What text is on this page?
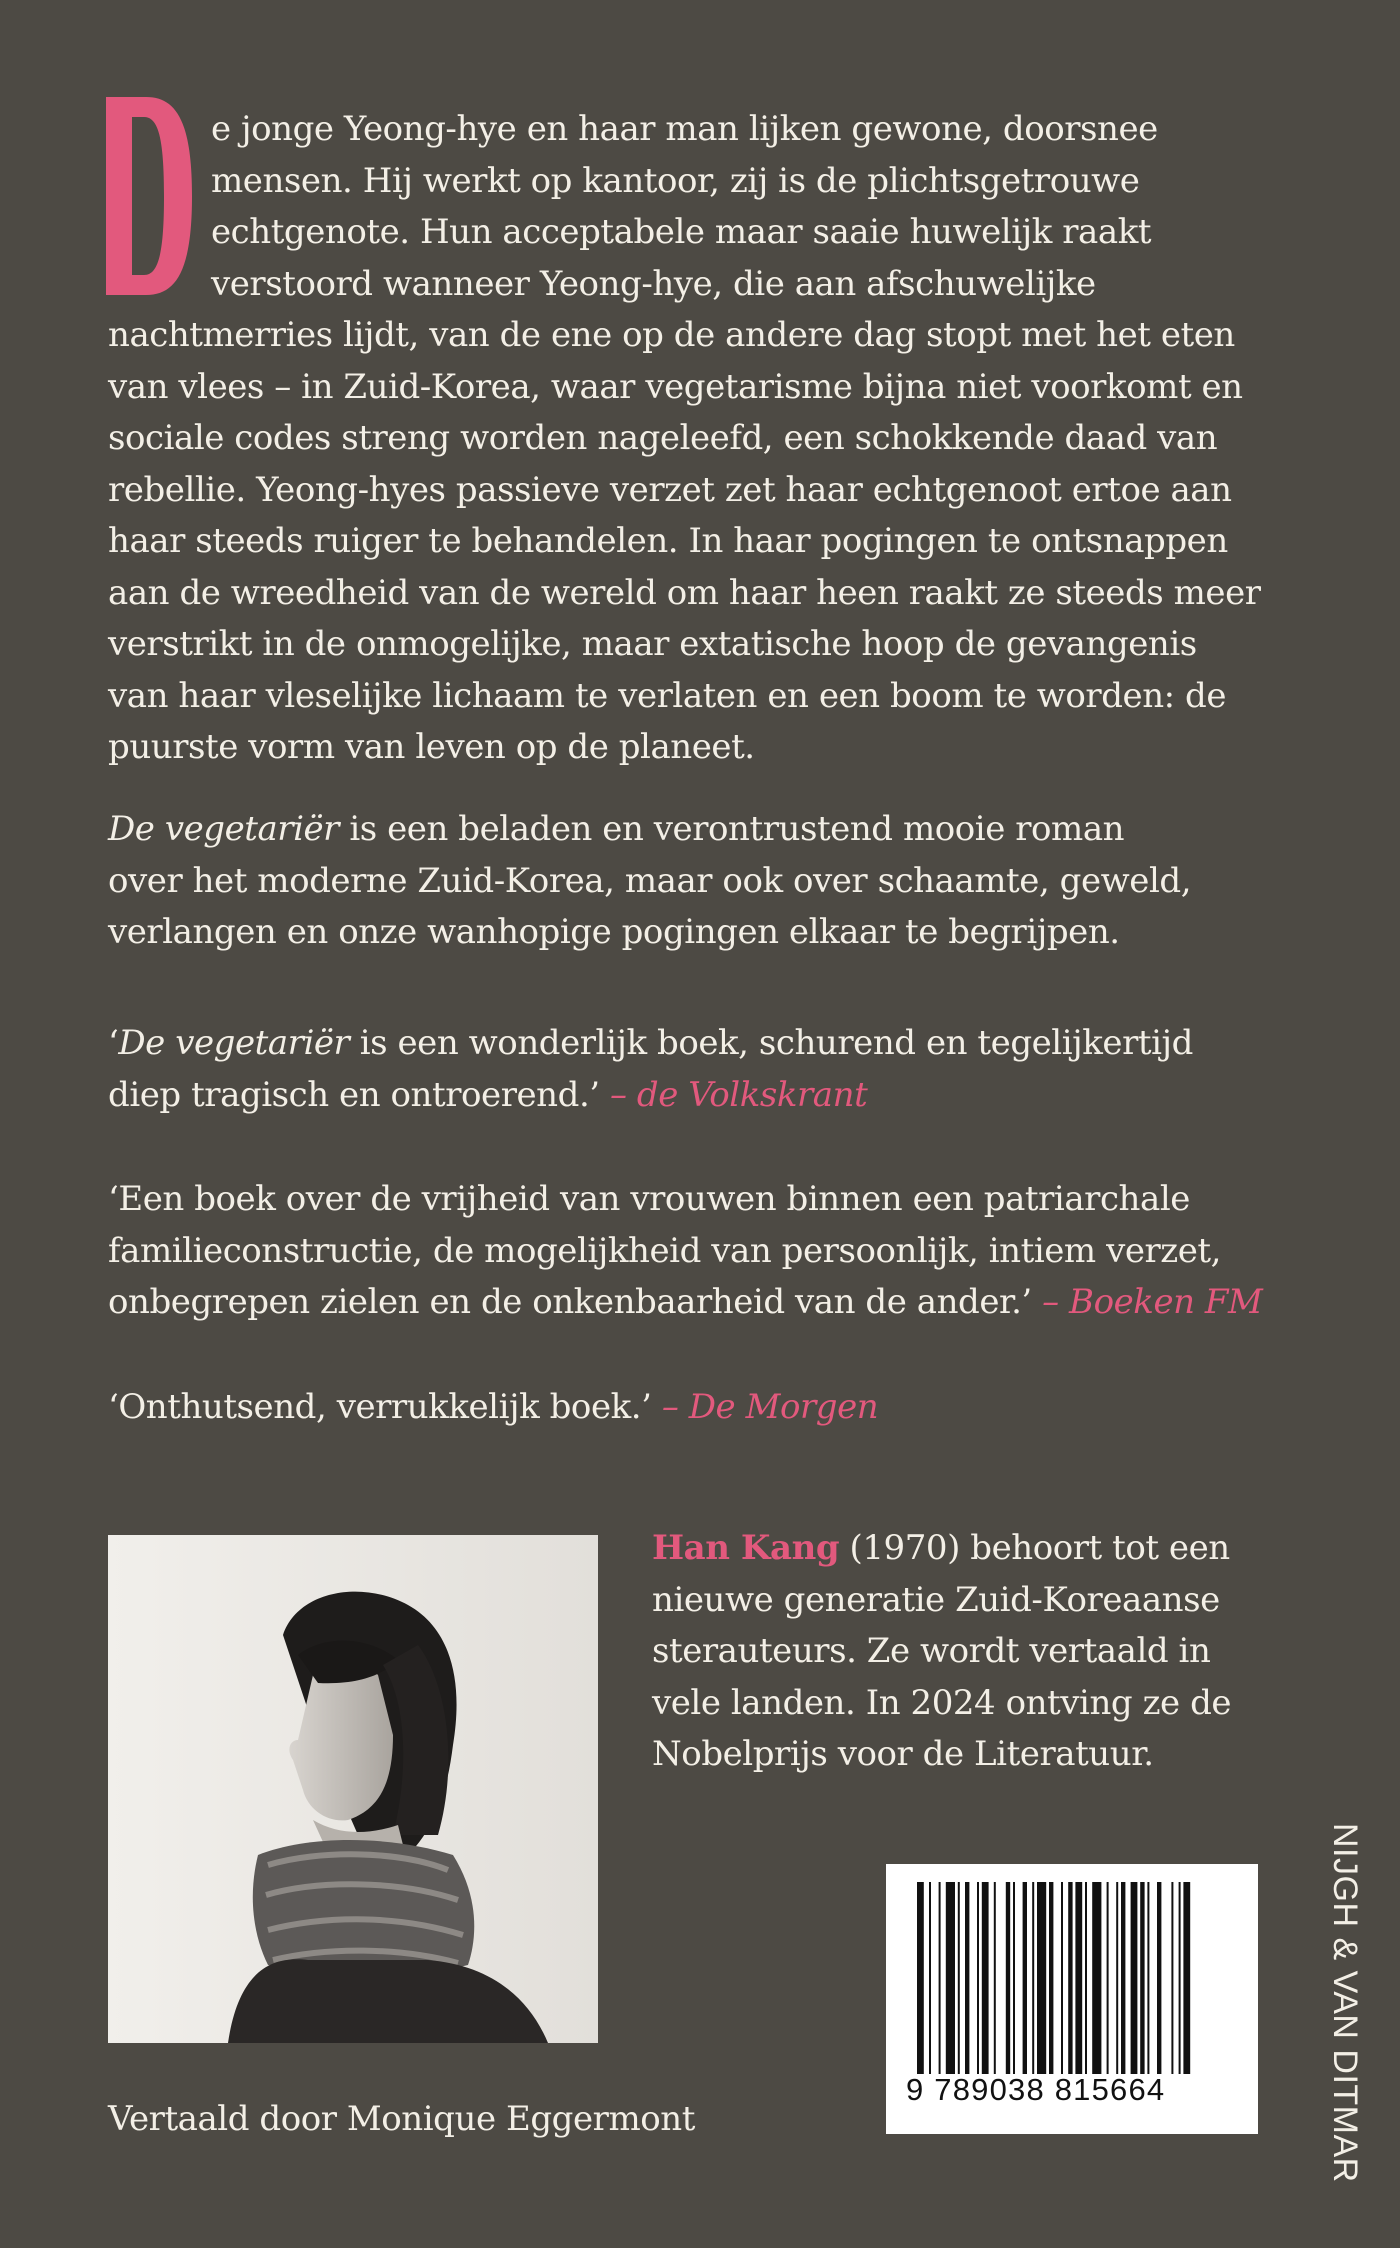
e jonge Yeong-hye en haar man lijken gewone, doorsnee
mensen. Hij werkt op kantoor, zij is de plichtsgetrouwe
echtgenote. Hun acceptabele maar saaie huwelijk raakt
verstoord wanneer Yeong-hye, die aan afschuwelijke
nachtmerries lijdt, van de ene op de andere dag stopt met het eten
van vlees – in Zuid-Korea, waar vegetarisme bijna niet voorkomt en
sociale codes streng worden nageleefd, een schokkende daad van
rebellie. Yeong-hyes passieve verzet zet haar echtgenoot ertoe aan
haar steeds ruiger te behandelen. In haar pogingen te ontsnappen
aan de wreedheid van de wereld om haar heen raakt ze steeds meer
verstrikt in de onmogelijke, maar extatische hoop de gevangenis
van haar vleselijke lichaam te verlaten en een boom te worden: de
puurste vorm van leven op de planeet.
De vegetariër is een beladen en verontrustend mooie roman
over het moderne Zuid-Korea, maar ook over schaamte, geweld,
verlangen en onze wanhopige pogingen elkaar te begrijpen.
‘De vegetariër is een wonderlijk boek, schurend en tegelijkertijd
diep tragisch en ontroerend.’ – de Volkskrant
‘Een boek over de vrijheid van vrouwen binnen een patriarchale
familieconstructie, de mogelijkheid van persoonlijk, intiem verzet,
onbegrepen zielen en de onkenbaarheid van de ander.’ – Boeken FM
‘Onthutsend, verrukkelijk boek.’ – De Morgen
Han Kang (1970) behoort tot een
nieuwe generatie Zuid-Koreaanse
sterauteurs. Ze wordt vertaald in
vele landen. In 2024 ontving ze de
Nobelprijs voor de Literatuur.
Vertaald door Monique Eggermont
9 789038 815664	NIJGH & VAN DITMAR
